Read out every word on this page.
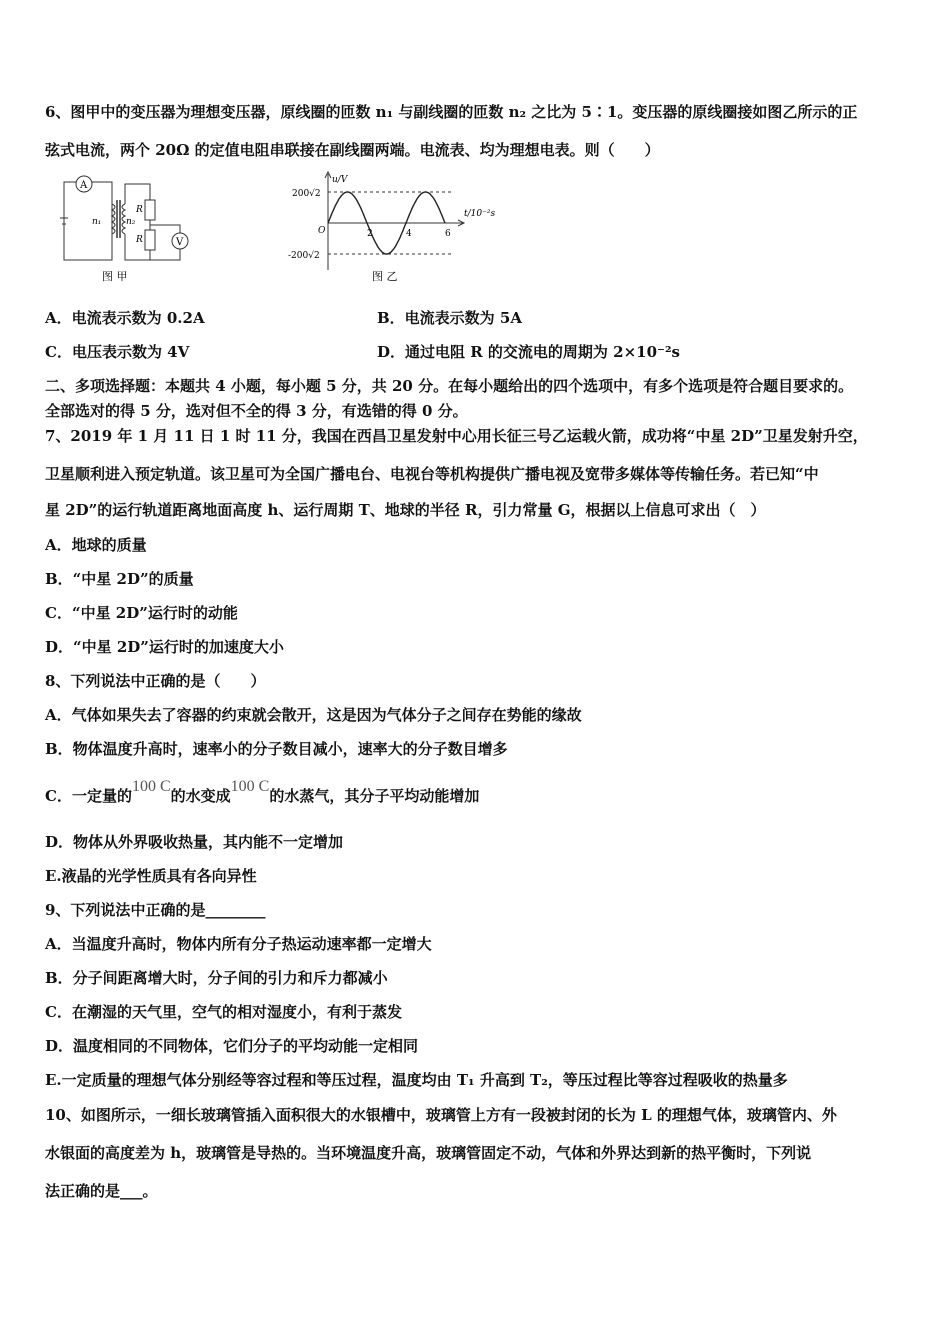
6、图甲中的变压器为理想变压器，原线圈的匝数 n₁ 与副线圈的匝数 n₂ 之比为 5∶1。变压器的原线圈接如图乙所示的正
弦式电流，两个 20Ω 的定值电阻串联接在副线圈两端。电流表、均为理想电表。则（　　）
A
V
n₁	n₂
R
R
图 甲
u/V
t/10⁻²s
200√2
-200√2
O	2	4	6
图 乙
A．电流表示数为 0.2A	B．电流表示数为 5A
C．电压表示数为 4V	D．通过电阻 R 的交流电的周期为 2×10⁻²s
二、多项选择题：本题共 4 小题，每小题 5 分，共 20 分。在每小题给出的四个选项中，有多个选项是符合题目要求的。
全部选对的得 5 分，选对但不全的得 3 分，有选错的得 0 分。
7、2019 年 1 月 11 日 1 时 11 分，我国在西昌卫星发射中心用长征三号乙运载火箭，成功将“中星 2D”卫星发射升空，
卫星顺利进入预定轨道。该卫星可为全国广播电台、电视台等机构提供广播电视及宽带多媒体等传输任务。若已知“中
星 2D”的运行轨道距离地面高度 h、运行周期 T、地球的半径 R，引力常量 G，根据以上信息可求出（　）
A．地球的质量
B．“中星 2D”的质量
C．“中星 2D”运行时的动能
D．“中星 2D”运行时的加速度大小
8、下列说法中正确的是（　　）
A．气体如果失去了容器的约束就会散开，这是因为气体分子之间存在势能的缘故
B．物体温度升高时，速率小的分子数目减小，速率大的分子数目增多
C．一定量的100 C的水变成100 C的水蒸气，其分子平均动能增加
D．物体从外界吸收热量，其内能不一定增加
E.液晶的光学性质具有各向异性
9、下列说法中正确的是________
A．当温度升高时，物体内所有分子热运动速率都一定增大
B．分子间距离增大时，分子间的引力和斥力都减小
C．在潮湿的天气里，空气的相对湿度小，有利于蒸发
D．温度相同的不同物体，它们分子的平均动能一定相同
E.一定质量的理想气体分别经等容过程和等压过程，温度均由 T₁ 升高到 T₂，等压过程比等容过程吸收的热量多
10、如图所示，一细长玻璃管插入面积很大的水银槽中，玻璃管上方有一段被封闭的长为 L 的理想气体，玻璃管内、外
水银面的高度差为 h，玻璃管是导热的。当环境温度升高，玻璃管固定不动，气体和外界达到新的热平衡时，下列说
法正确的是___。
